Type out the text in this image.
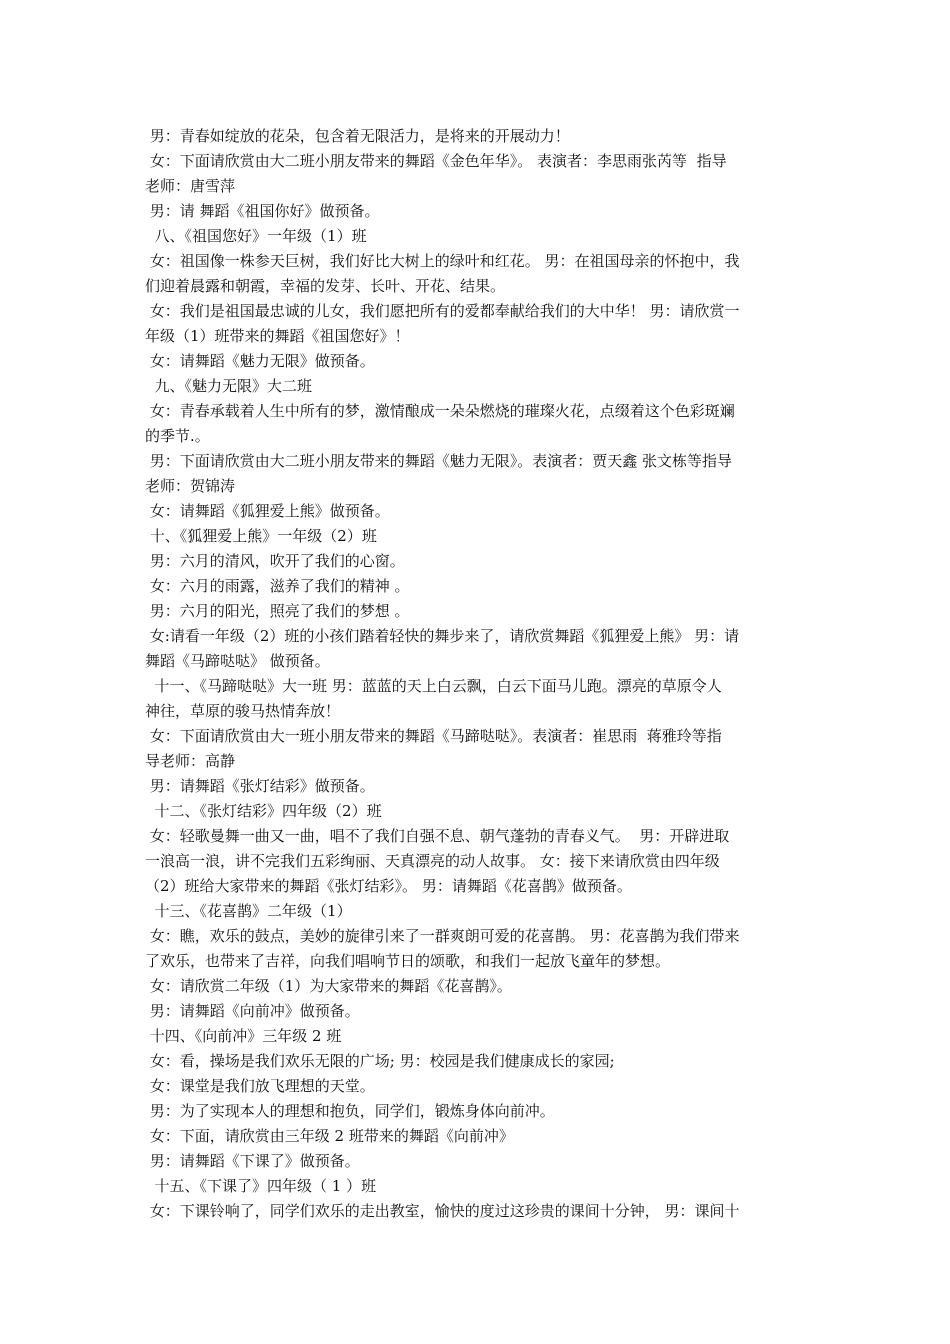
男：青春如绽放的花朵，包含着无限活力，是将来的开展动力！

女：下面请欣赏由大二班小朋友带来的舞蹈《金色年华》。 表演者：李思雨张芮等  指导

老师：唐雪萍

男：请 舞蹈《祖国你好》做预备。

八、《祖国您好》一年级（1）班

女：祖国像一株参天巨树，我们好比大树上的绿叶和红花。 男：在祖国母亲的怀抱中，我

们迎着晨露和朝霞，幸福的发芽、长叶、开花、结果。

女：我们是祖国最忠诚的儿女，我们愿把所有的爱都奉献给我们的大中华！ 男：请欣赏一

年级（1）班带来的舞蹈《祖国您好》！

女：请舞蹈《魅力无限》做预备。

九、《魅力无限》大二班

女：青春承载着人生中所有的梦，激情酿成一朵朵燃烧的璀璨火花，点缀着这个色彩斑斓

的季节.。

男：下面请欣赏由大二班小朋友带来的舞蹈《魅力无限》。表演者：贾天鑫 张文栋等指导

老师：贺锦涛

女：请舞蹈《狐狸爱上熊》做预备。

十、《狐狸爱上熊》一年级（2）班

男：六月的清风，吹开了我们的心窗。

女：六月的雨露，滋养了我们的精神 。

男：六月的阳光，照亮了我们的梦想 。

女:请看一年级（2）班的小孩们踏着轻快的舞步来了，请欣赏舞蹈《狐狸爱上熊》 男：请

舞蹈《马蹄哒哒》 做预备。

十一、《马蹄哒哒》大一班 男：蓝蓝的天上白云飘，白云下面马儿跑。漂亮的草原令人

神往，草原的骏马热情奔放！

女：下面请欣赏由大一班小朋友带来的舞蹈《马蹄哒哒》。表演者：崔思雨  蒋雅玲等指

导老师：高静

男：请舞蹈《张灯结彩》做预备。

十二、《张灯结彩》四年级（2）班

女：轻歌曼舞一曲又一曲，唱不了我们自强不息、朝气蓬勃的青春义气。  男：开辟进取

一浪高一浪，讲不完我们五彩绚丽、天真漂亮的动人故事。 女：接下来请欣赏由四年级

（2）班给大家带来的舞蹈《张灯结彩》。 男：请舞蹈《花喜鹊》做预备。

十三、《花喜鹊》二年级（1）

女：瞧，欢乐的鼓点，美妙的旋律引来了一群爽朗可爱的花喜鹊。 男：花喜鹊为我们带来

了欢乐，也带来了吉祥，向我们唱响节日的颂歌，和我们一起放飞童年的梦想。

女：请欣赏二年级（1）为大家带来的舞蹈《花喜鹊》。

男：请舞蹈《向前冲》做预备。

十四、《向前冲》三年级 2 班

女：看，操场是我们欢乐无限的广场; 男：校园是我们健康成长的家园;

女：课堂是我们放飞理想的天堂。

男：为了实现本人的理想和抱负，同学们，锻炼身体向前冲。

女：下面，请欣赏由三年级 2 班带来的舞蹈《向前冲》

男：请舞蹈《下课了》做预备。

十五、《下课了》四年级（ 1 ）班

女：下课铃响了，同学们欢乐的走出教室，愉快的度过这珍贵的课间十分钟， 男：课间十
